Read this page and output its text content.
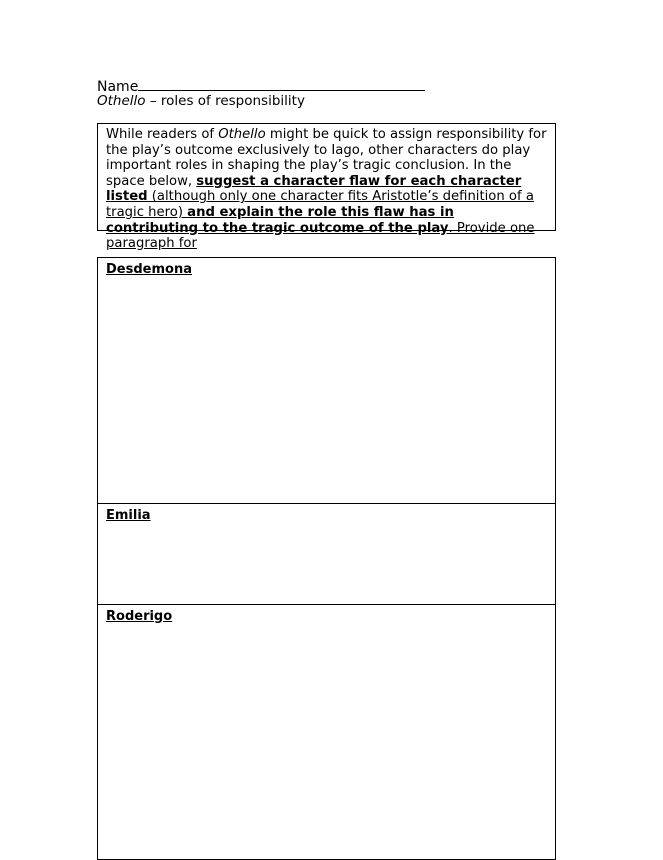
Name
Othello – roles of responsibility
While readers of Othello might be quick to assign responsibility for the play’s outcome exclusively to Iago, other characters do play important roles in shaping the play’s tragic conclusion. In the space below, suggest a character flaw for each character listed (although only one character fits Aristotle’s definition of a tragic hero) and explain the role this flaw has in contributing to the tragic outcome of the play. Provide one paragraph for
Desdemona
Emilia
Roderigo
